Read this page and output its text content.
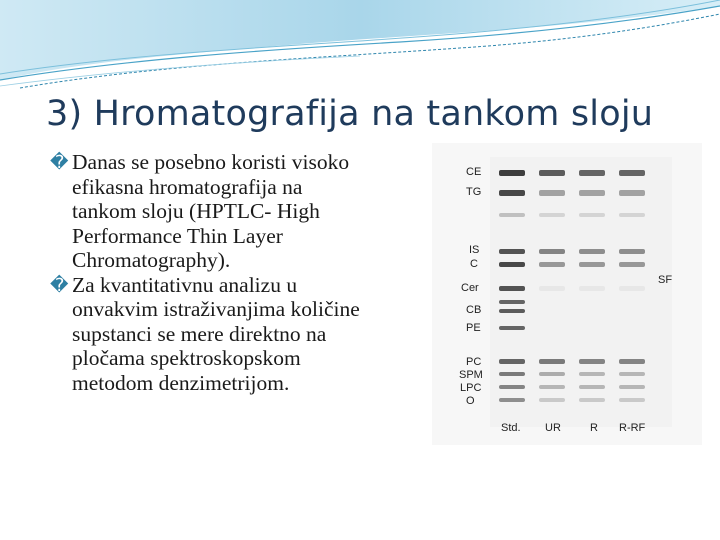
3) Hromatografija na tankom sloju
� Danas se posebno koristi visoko
efikasna hromatografija na
tankom sloju (HPTLC- High
Performance Thin Layer
Chromatography).
� Za kvantitativnu analizu u
onvakvim istraživanjima količine
supstanci se mere direktno na
pločama spektroskopskom
metodom denzimetrijom.
CE
TG
IS
C
Cer
CB
PE
PC
SPM
LPC
O
SF
Std. UR	R R-RF
